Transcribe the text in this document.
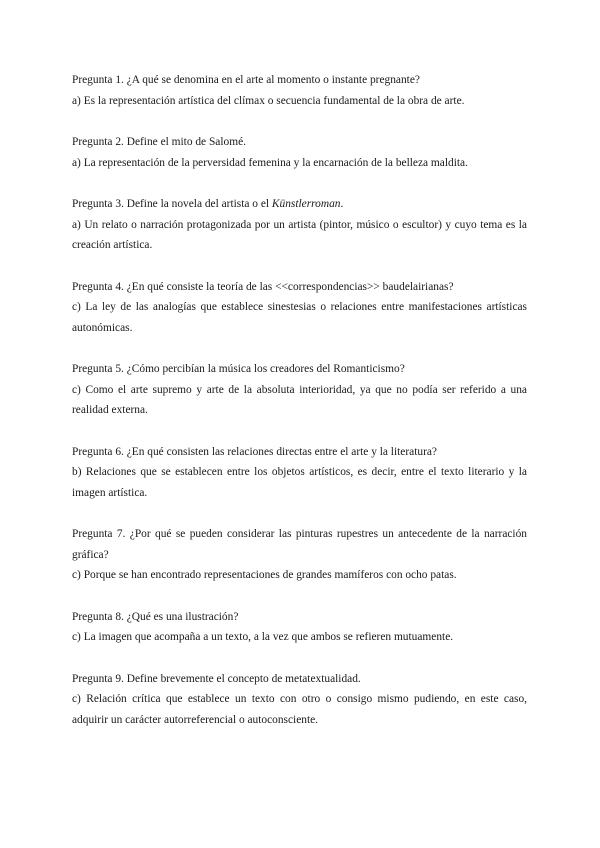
Pregunta 1. ¿A qué se denomina en el arte al momento o instante pregnante?

a) Es la representación artística del clímax o secuencia fundamental de la obra de arte.

Pregunta 2. Define el mito de Salomé.

a) La representación de la perversidad femenina y la encarnación de la belleza maldita.

Pregunta 3. Define la novela del artista o el Künstlerroman.

a) Un relato o narración protagonizada por un artista (pintor, músico o escultor) y cuyo tema es la creación artística.

Pregunta 4. ¿En qué consiste la teoría de las <<correspondencias>> baudelairianas?

c) La ley de las analogías que establece sinestesias o relaciones entre manifestaciones artísticas autonómicas.

Pregunta 5. ¿Cómo percibían la música los creadores del Romanticismo?

c) Como el arte supremo y arte de la absoluta interioridad, ya que no podía ser referido a una realidad externa.

Pregunta 6. ¿En qué consisten las relaciones directas entre el arte y la literatura?

b) Relaciones que se establecen entre los objetos artísticos, es decir, entre el texto literario y la imagen artística.

Pregunta 7. ¿Por qué se pueden considerar las pinturas rupestres un antecedente de la narración gráfica?

c) Porque se han encontrado representaciones de grandes mamíferos con ocho patas.

Pregunta 8. ¿Qué es una ilustración?

c) La imagen que acompaña a un texto, a la vez que ambos se refieren mutuamente.

Pregunta 9. Define brevemente el concepto de metatextualidad.

c) Relación crítica que establece un texto con otro o consigo mismo pudiendo, en este caso, adquirir un carácter autorreferencial o autoconsciente.
